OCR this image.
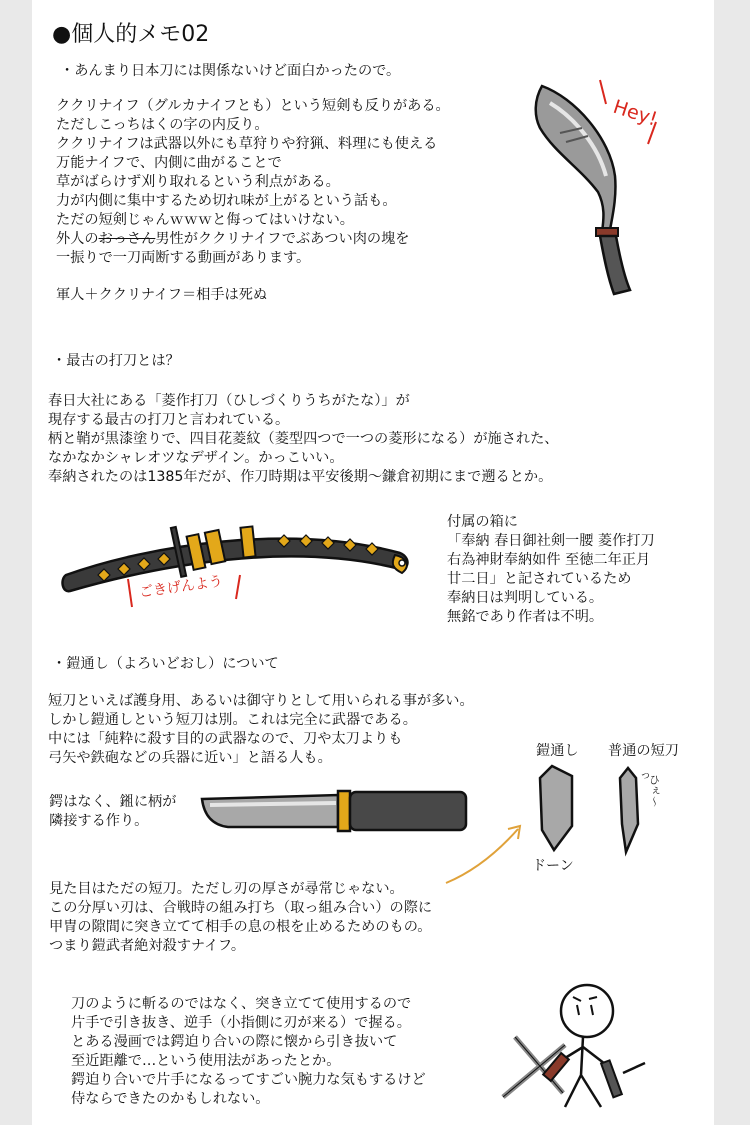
●個人的メモ02

・あんまり日本刀には関係ないけど面白かったので。

ククリナイフ（グルカナイフとも）という短剣も反りがある。
ただしこっちはくの字の内反り。
ククリナイフは武器以外にも草狩りや狩猟、料理にも使える
万能ナイフで、内側に曲がることで
草がばらけず刈り取れるという利点がある。
力が内側に集中するため切れ味が上がるという話も。
ただの短剣じゃんｗｗｗと侮ってはいけない。
外人のおっさん男性がククリナイフでぶあつい肉の塊を
一振りで一刀両断する動画があります。

軍人＋ククリナイフ＝相手は死ぬ

Hey!

・最古の打刀とは？

春日大社にある「菱作打刀（ひしづくりうちがたな）」が
現存する最古の打刀と言われている。
柄と鞘が黒漆塗りで、四目花菱紋（菱型四つで一つの菱形になる）が施された、
なかなかシャレオツなデザイン。かっこいい。
奉納されたのは1385年だが、作刀時期は平安後期～鎌倉初期にまで遡るとか。
ごきげんよう
付属の箱に
「奉納 春日御社剣一腰 菱作打刀
右為神財奉納如件 至徳二年正月
廿二日」と記されているため
奉納日は判明している。
無銘であり作者は不明。

・鎧通し（よろいどおし）について

短刀といえば護身用、あるいは御守りとして用いられる事が多い。
しかし鎧通しという短刀は別。これは完全に武器である。
中には「純粋に殺す目的の武器なので、刀や太刀よりも
弓矢や鉄砲などの兵器に近い」と語る人も。
鍔はなく、鎺に柄が
隣接する作り。

鎧通し 普通の短刀

ドーン
っ
ひぇ～
見た目はただの短刀。ただし刃の厚さが尋常じゃない。
この分厚い刃は、合戦時の組み打ち（取っ組み合い）の際に
甲冑の隙間に突き立てて相手の息の根を止めるためのもの。
つまり鎧武者絶対殺すナイフ。
刀のように斬るのではなく、突き立てて使用するので
片手で引き抜き、逆手（小指側に刃が来る）で握る。
とある漫画では鍔迫り合いの際に懐から引き抜いて
至近距離で…という使用法があったとか。
鍔迫り合いで片手になるってすごい腕力な気もするけど
侍ならできたのかもしれない。
